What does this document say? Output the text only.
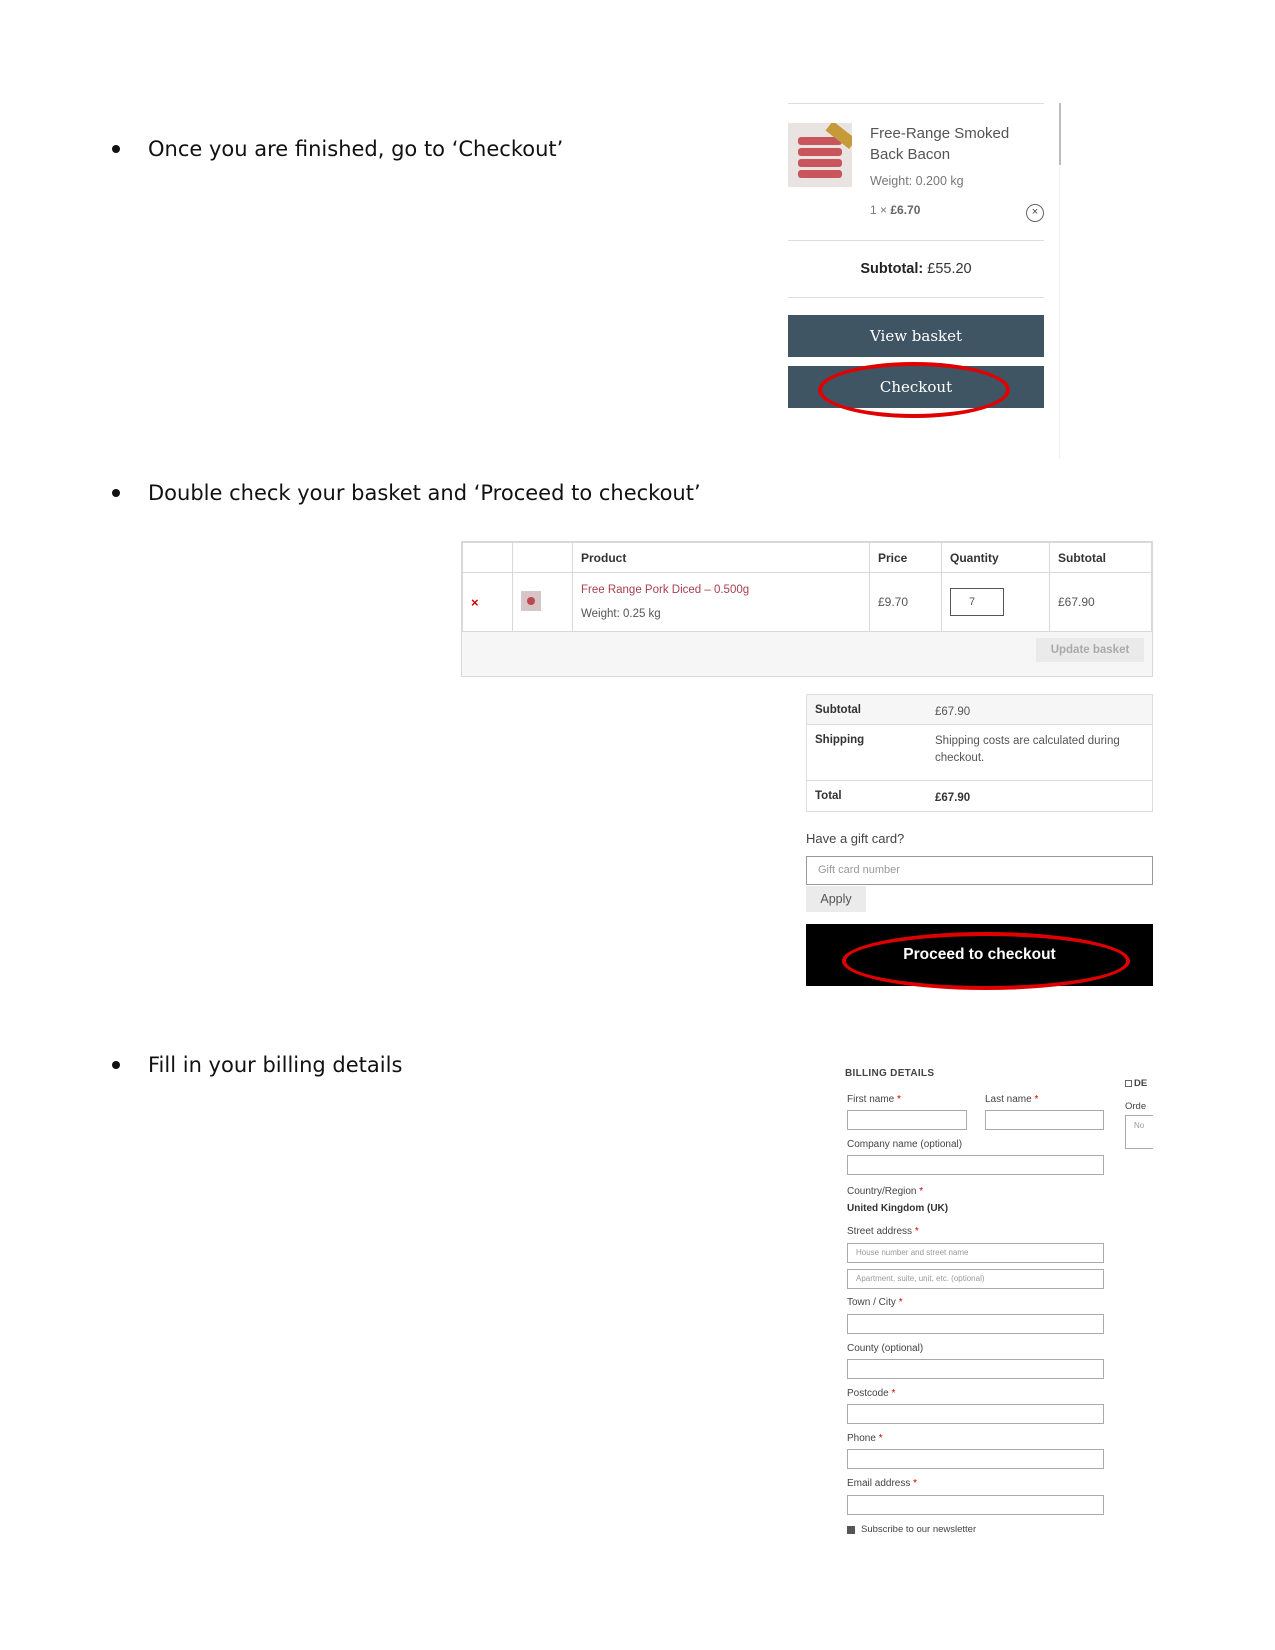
Once you are finished, go to ‘Checkout’
Double check your basket and ‘Proceed to checkout’
Fill in your billing details
Free-Range Smoked Back Bacon
Weight: 0.200 kg
1 × £6.70	×
Subtotal: £55.20
View basket
Checkout
		Product	Price	Quantity	Subtotal
×		Free Range Pork Diced – 0.500g
Weight: 0.25 kg	£9.70	7	£67.90
Update basket
Subtotal	£67.90
Shipping	Shipping costs are calculated during checkout.
Total	£67.90
Have a gift card?
Gift card number
Apply
Proceed to checkout
BILLING DETAILS
First name *	Last name *
Company name (optional)
Country/Region *
United Kingdom (UK)
Street address *
House number and street name
Apartment, suite, unit, etc. (optional)
Town / City *
County (optional)
Postcode *
Phone *
Email address *
Subscribe to our newsletter
DE
Orde
No
